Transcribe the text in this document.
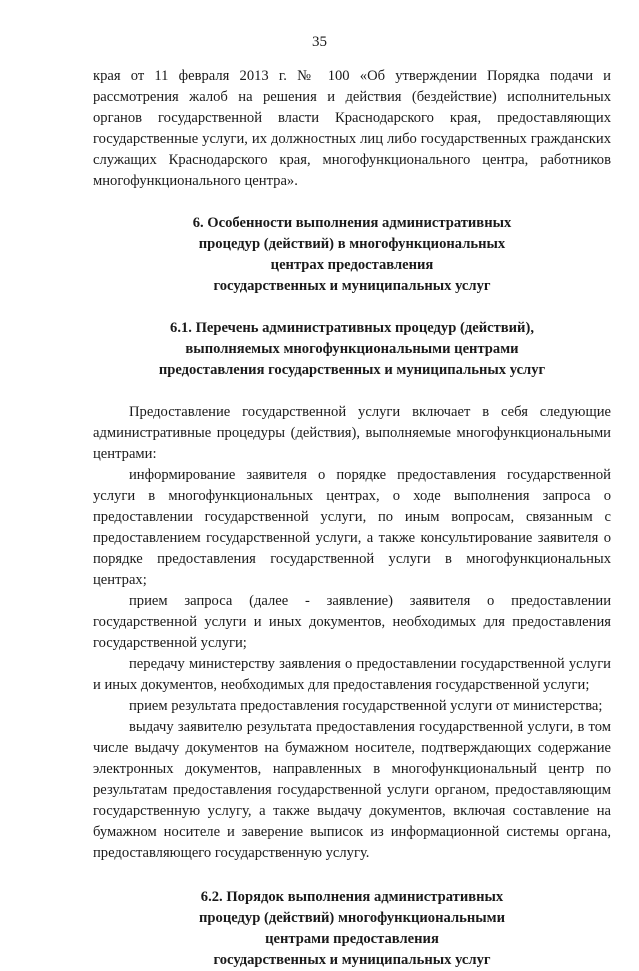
35

края от 11 февраля 2013 г. № 100 «Об утверждении Порядка подачи и рассмотрения жалоб на решения и действия (бездействие) исполнительных органов государственной власти Краснодарского края, предоставляющих государственные услуги, их должностных лиц либо государственных гражданских служащих Краснодарского края, многофункционального центра, работников многофункционального центра».

6. Особенности выполнения административных
процедур (действий) в многофункциональных
центрах предоставления
государственных и муниципальных услуг
6.1. Перечень административных процедур (действий),
выполняемых многофункциональными центрами
предоставления государственных и муниципальных услуг

Предоставление государственной услуги включает в себя следующие административные процедуры (действия), выполняемые многофункциональными центрами:

информирование заявителя о порядке предоставления государственной услуги в многофункциональных центрах, о ходе выполнения запроса о предоставлении государственной услуги, по иным вопросам, связанным с предоставлением государственной услуги, а также консультирование заявителя о порядке предоставления государственной услуги в многофункциональных центрах;

прием запроса (далее - заявление) заявителя о предоставлении государственной услуги и иных документов, необходимых для предоставления государственной услуги;

передачу министерству заявления о предоставлении государственной услуги и иных документов, необходимых для предоставления государственной услуги;

прием результата предоставления государственной услуги от министерства;

выдачу заявителю результата предоставления государственной услуги, в том числе выдачу документов на бумажном носителе, подтверждающих содержание электронных документов, направленных в многофункциональный центр по результатам предоставления государственной услуги органом, предоставляющим государственную услугу, а также выдачу документов, включая составление на бумажном носителе и заверение выписок из информационной системы органа, предоставляющего государственную услугу.

6.2. Порядок выполнения административных
процедур (действий) многофункциональными
центрами предоставления
государственных и муниципальных услуг
